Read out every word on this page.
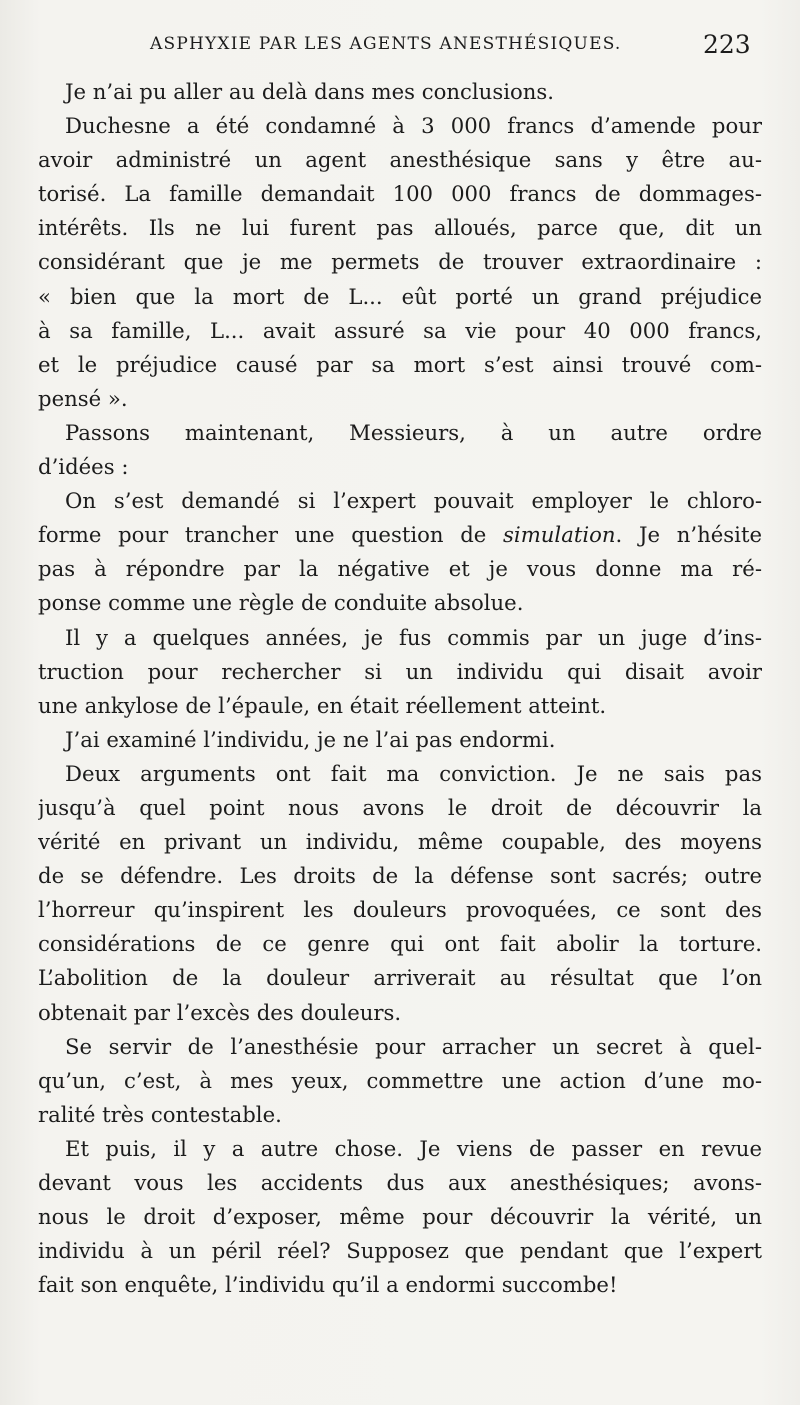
ASPHYXIE PAR LES AGENTS ANESTHÉSIQUES.	223
Je n’ai pu aller au delà dans mes conclusions.
Duchesne a été condamné à 3 000 francs d’amende pour
avoir administré un agent anesthésique sans y être au-
torisé. La famille demandait 100 000 francs de dommages-
intérêts. Ils ne lui furent pas alloués, parce que, dit un
considérant que je me permets de trouver extraordinaire :
« bien que la mort de L... eût porté un grand préjudice
à sa famille, L... avait assuré sa vie pour 40 000 francs,
et le préjudice causé par sa mort s’est ainsi trouvé com-
pensé ».
Passons maintenant, Messieurs, à un autre ordre
d’idées :
On s’est demandé si l’expert pouvait employer le chloro-
forme pour trancher une question de simulation. Je n’hésite
pas à répondre par la négative et je vous donne ma ré-
ponse comme une règle de conduite absolue.
Il y a quelques années, je fus commis par un juge d’ins-
truction pour rechercher si un individu qui disait avoir
une ankylose de l’épaule, en était réellement atteint.
J’ai examiné l’individu, je ne l’ai pas endormi.
Deux arguments ont fait ma conviction. Je ne sais pas
jusqu’à quel point nous avons le droit de découvrir la
vérité en privant un individu, même coupable, des moyens
de se défendre. Les droits de la défense sont sacrés; outre
l’horreur qu’inspirent les douleurs provoquées, ce sont des
considérations de ce genre qui ont fait abolir la torture.
L’abolition de la douleur arriverait au résultat que l’on
obtenait par l’excès des douleurs.
Se servir de l’anesthésie pour arracher un secret à quel-
qu’un, c’est, à mes yeux, commettre une action d’une mo-
ralité très contestable.
Et puis, il y a autre chose. Je viens de passer en revue
devant vous les accidents dus aux anesthésiques; avons-
nous le droit d’exposer, même pour découvrir la vérité, un
individu à un péril réel? Supposez que pendant que l’expert
fait son enquête, l’individu qu’il a endormi succombe!
